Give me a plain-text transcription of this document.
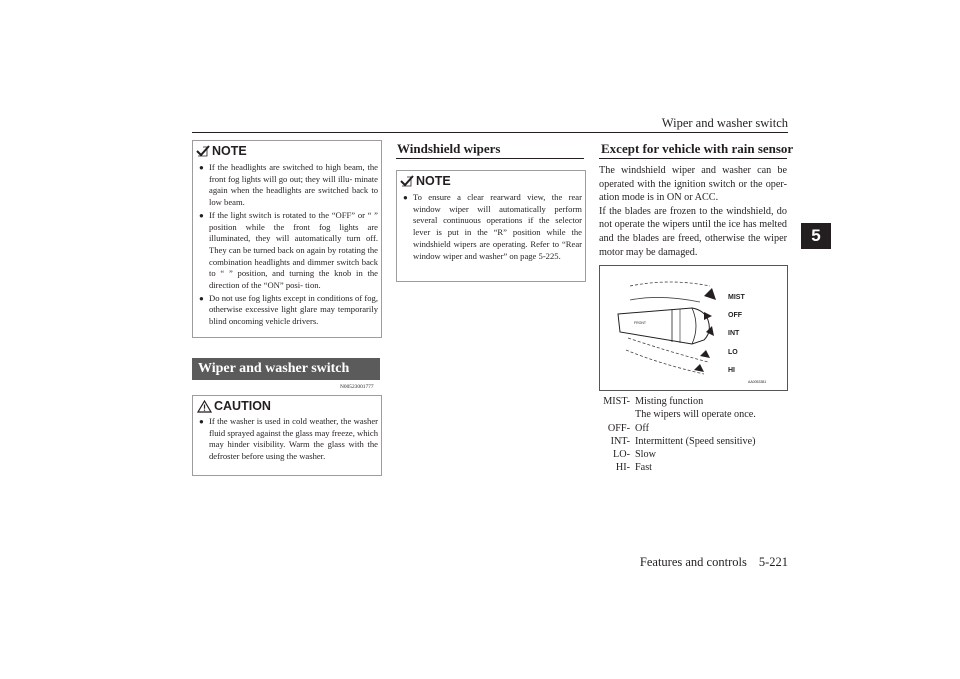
Wiper and washer switch
5
NOTE
● If the headlights are switched to high beam, the front fog lights will go out; they will illu- minate again when the headlights are switched back to low beam.
● If the light switch is rotated to the “OFF” or “ ” position while the front fog lights are illuminated, they will automatically turn off. They can be turned back on again by rotating the combination headlights and dimmer switch back to “ ” position, and turning the knob in the direction of the “ON” posi- tion.
● Do not use fog lights except in conditions of fog, otherwise excessive light glare may temporarily blind oncoming vehicle drivers.
Wiper and washer switch
N00523001777
CAUTION
● If the washer is used in cold weather, the washer fluid sprayed against the glass may freeze, which may hinder visibility. Warm the glass with the defroster before using the washer.
Windshield wipers
NOTE
● To ensure a clear rearward view, the rear window wiper will automatically perform several continuous operations if the selector lever is put in the “R” position while the windshield wipers are operating. Refer to “Rear window wiper and washer” on page 5-225.
Except for vehicle with rain sensor
The windshield wiper and washer can be operated with the ignition switch or the oper- ation mode is in ON or ACC.
If the blades are frozen to the windshield, do not operate the wipers until the ice has melted and the blades are freed, otherwise the wiper motor may be damaged.
MIST
OFF
INT
LO
HI
FRONT
AA0053381
MIST- Misting function
The wipers will operate once.
OFF- Off
INT- Intermittent (Speed sensitive)
LO- Slow
HI- Fast
Features and controls 5-221
